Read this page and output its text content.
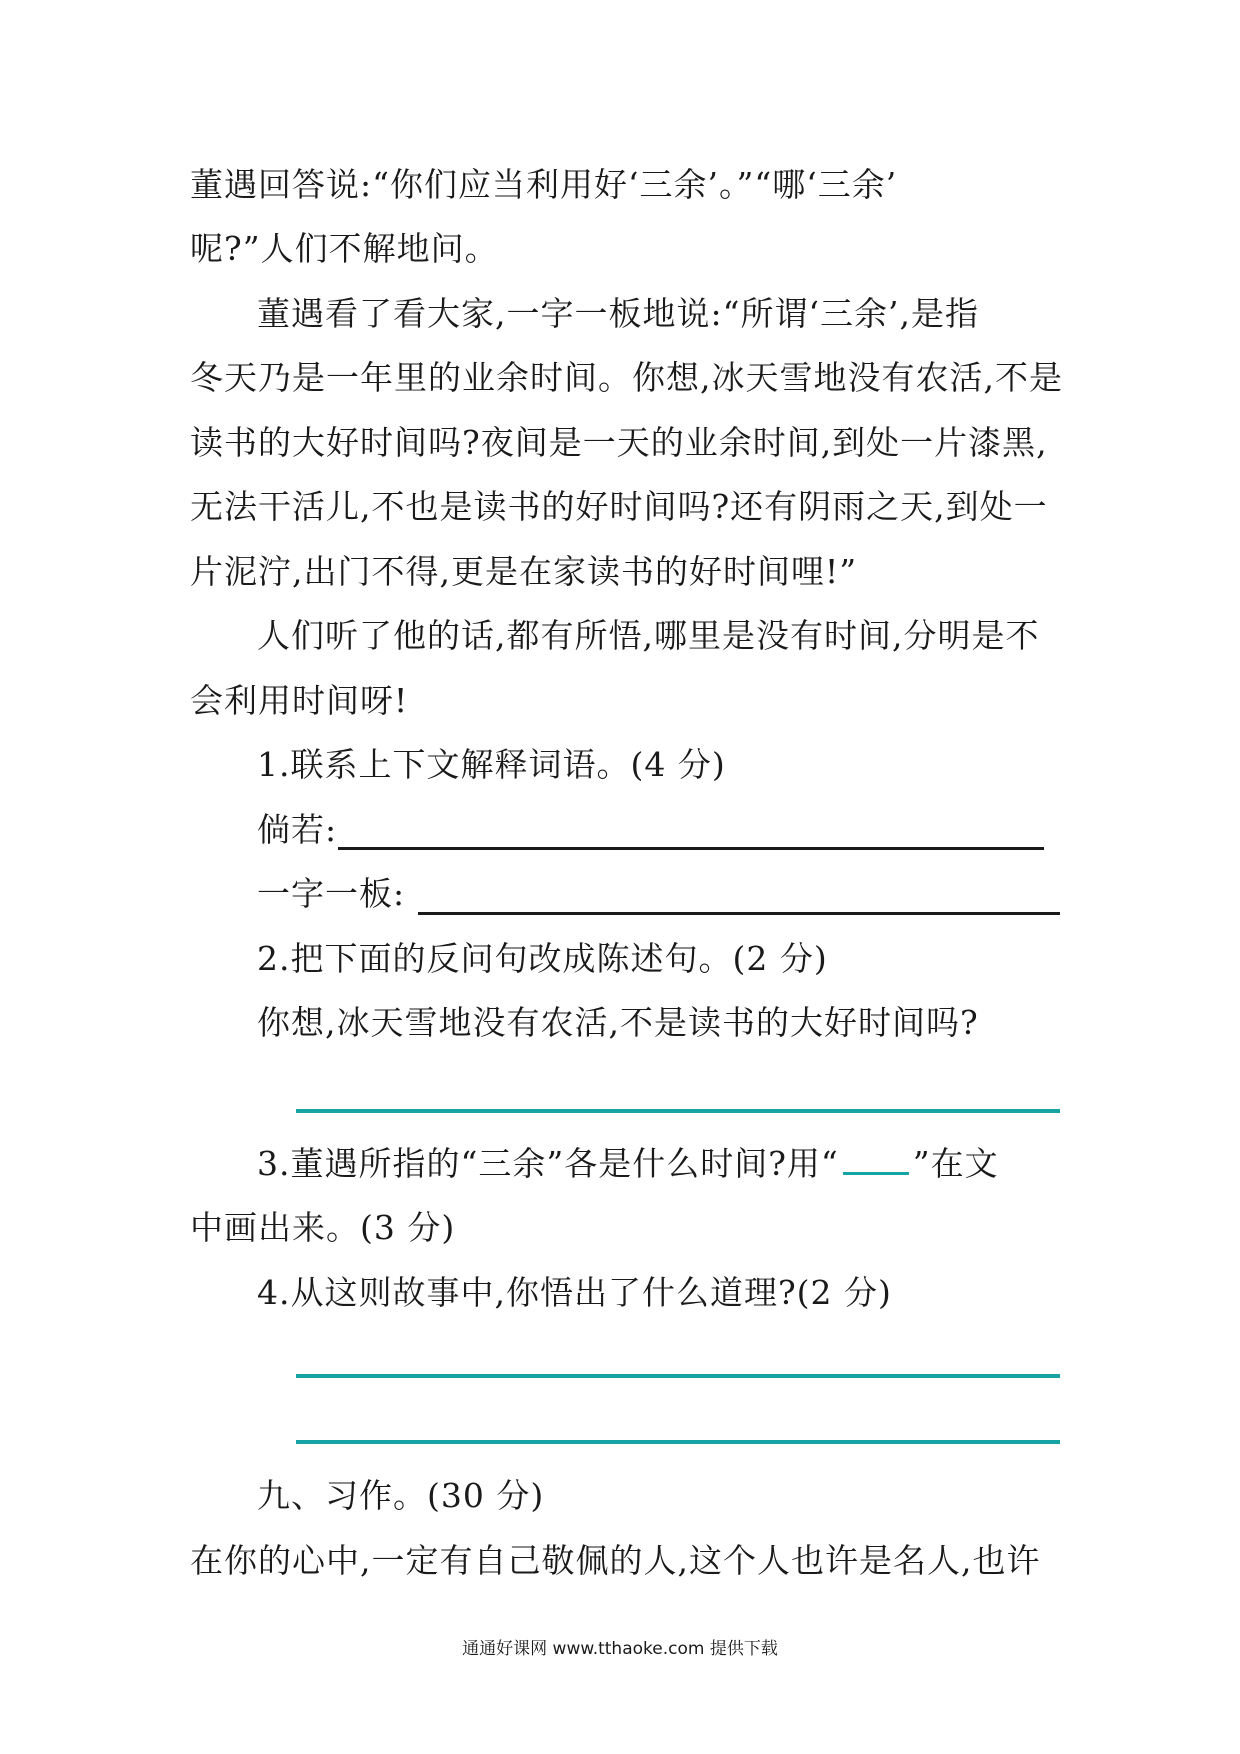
董遇回答说:“你们应当利用好‘三余’。”“哪‘三余’
呢?”人们不解地问。
董遇看了看大家,一字一板地说:“所谓‘三余’,是指
冬天乃是一年里的业余时间。你想,冰天雪地没有农活,不是
读书的大好时间吗?夜间是一天的业余时间,到处一片漆黑,
无法干活儿,不也是读书的好时间吗?还有阴雨之天,到处一
片泥泞,出门不得,更是在家读书的好时间哩!”
人们听了他的话,都有所悟,哪里是没有时间,分明是不
会利用时间呀!
1.联系上下文解释词语。(4 分)
倘若:
一字一板:
2.把下面的反问句改成陈述句。(2 分)
你想,冰天雪地没有农活,不是读书的大好时间吗?
3.董遇所指的“三余”各是什么时间?用“ ”在文
中画出来。(3 分)
4.从这则故事中,你悟出了什么道理?(2 分)
九、习作。(30 分)
在你的心中,一定有自己敬佩的人,这个人也许是名人,也许
通通好课网 www.tthaoke.com 提供下载
